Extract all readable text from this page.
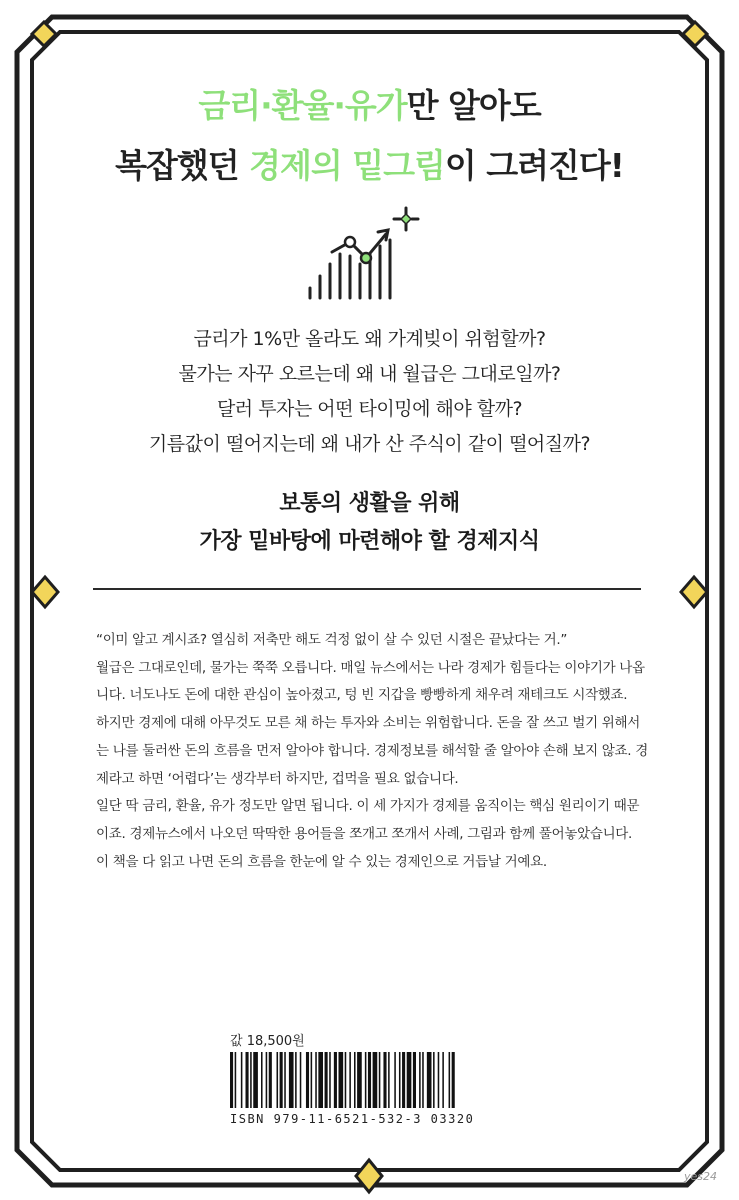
금리·환율·유가만 알아도
복잡했던 경제의 밑그림이 그려진다!
금리가 1%만 올라도 왜 가계빚이 위험할까?
물가는 자꾸 오르는데 왜 내 월급은 그대로일까?
달러 투자는 어떤 타이밍에 해야 할까?
기름값이 떨어지는데 왜 내가 산 주식이 같이 떨어질까?
보통의 생활을 위해
가장 밑바탕에 마련해야 할 경제지식

“이미 알고 계시죠? 열심히 저축만 해도 걱정 없이 살 수 있던 시절은 끝났다는 거.”

월급은 그대로인데, 물가는 쭉쭉 오릅니다. 매일 뉴스에서는 나라 경제가 힘들다는 이야기가 나옵니다. 너도나도 돈에 대한 관심이 높아졌고, 텅 빈 지갑을 빵빵하게 채우려 재테크도 시작했죠.

하지만 경제에 대해 아무것도 모른 채 하는 투자와 소비는 위험합니다. 돈을 잘 쓰고 벌기 위해서는 나를 둘러싼 돈의 흐름을 먼저 알아야 합니다. 경제정보를 해석할 줄 알아야 손해 보지 않죠. 경제라고 하면 ‘어렵다’는 생각부터 하지만, 겁먹을 필요 없습니다.

일단 딱 금리, 환율, 유가 정도만 알면 됩니다. 이 세 가지가 경제를 움직이는 핵심 원리이기 때문이죠. 경제뉴스에서 나오던 딱딱한 용어들을 쪼개고 쪼개서 사례, 그림과 함께 풀어놓았습니다.

이 책을 다 읽고 나면 돈의 흐름을 한눈에 알 수 있는 경제인으로 거듭날 거예요.

값 18,500원
ISBN 979-11-6521-532-3 03320
yes24
